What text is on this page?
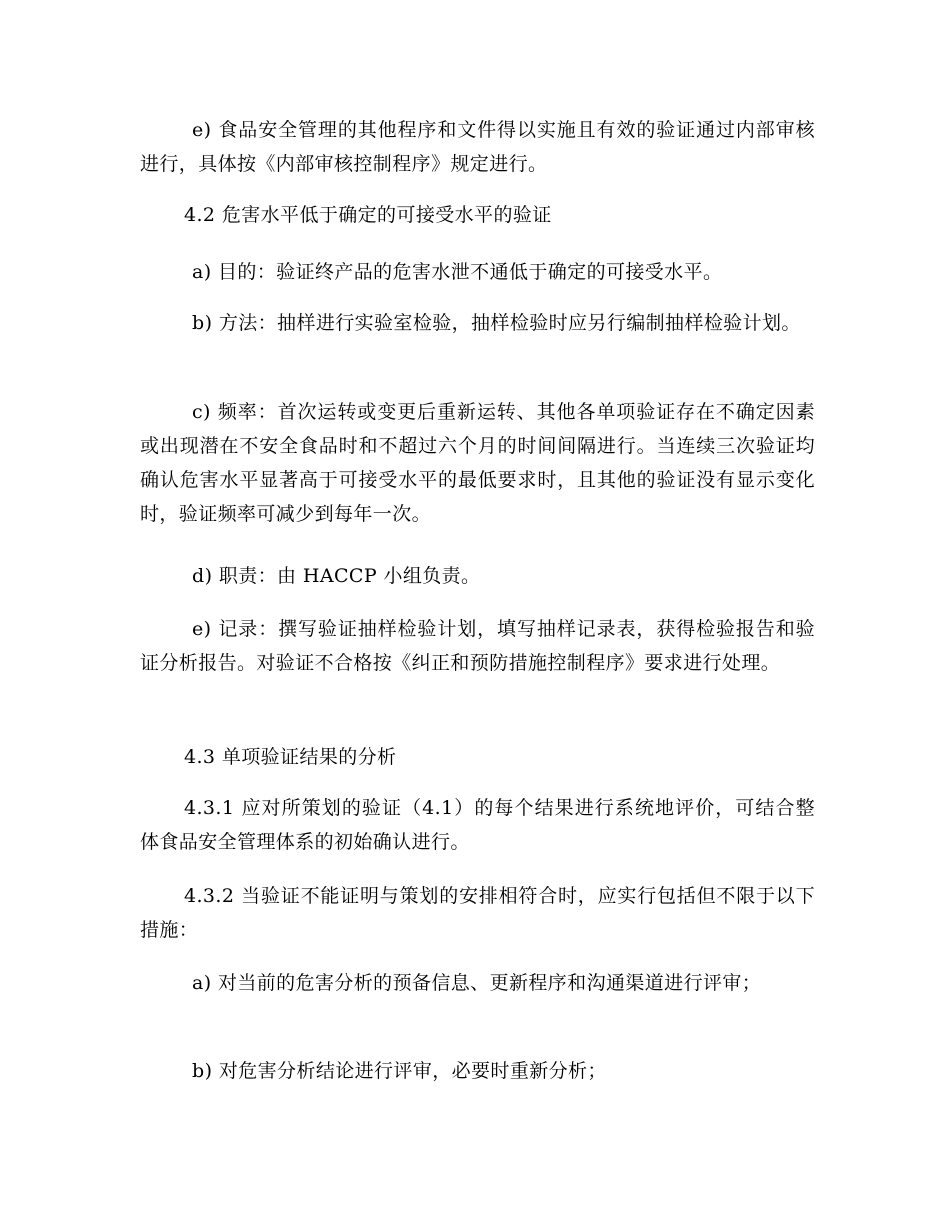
e) 食品安全管理的其他程序和文件得以实施且有效的验证通过内部审核进行，具体按《内部审核控制程序》规定进行。

4.2 危害水平低于确定的可接受水平的验证

a) 目的：验证终产品的危害水泄不通低于确定的可接受水平。

b) 方法：抽样进行实验室检验，抽样检验时应另行编制抽样检验计划。

c) 频率：首次运转或变更后重新运转、其他各单项验证存在不确定因素或出现潜在不安全食品时和不超过六个月的时间间隔进行。当连续三次验证均确认危害水平显著高于可接受水平的最低要求时，且其他的验证没有显示变化时，验证频率可减少到每年一次。

d) 职责：由 HACCP 小组负责。

e) 记录：撰写验证抽样检验计划，填写抽样记录表，获得检验报告和验证分析报告。对验证不合格按《纠正和预防措施控制程序》要求进行处理。

4.3 单项验证结果的分析

4.3.1 应对所策划的验证（4.1）的每个结果进行系统地评价，可结合整体食品安全管理体系的初始确认进行。

4.3.2 当验证不能证明与策划的安排相符合时，应实行包括但不限于以下措施：

a) 对当前的危害分析的预备信息、更新程序和沟通渠道进行评审；

b) 对危害分析结论进行评审，必要时重新分析；
